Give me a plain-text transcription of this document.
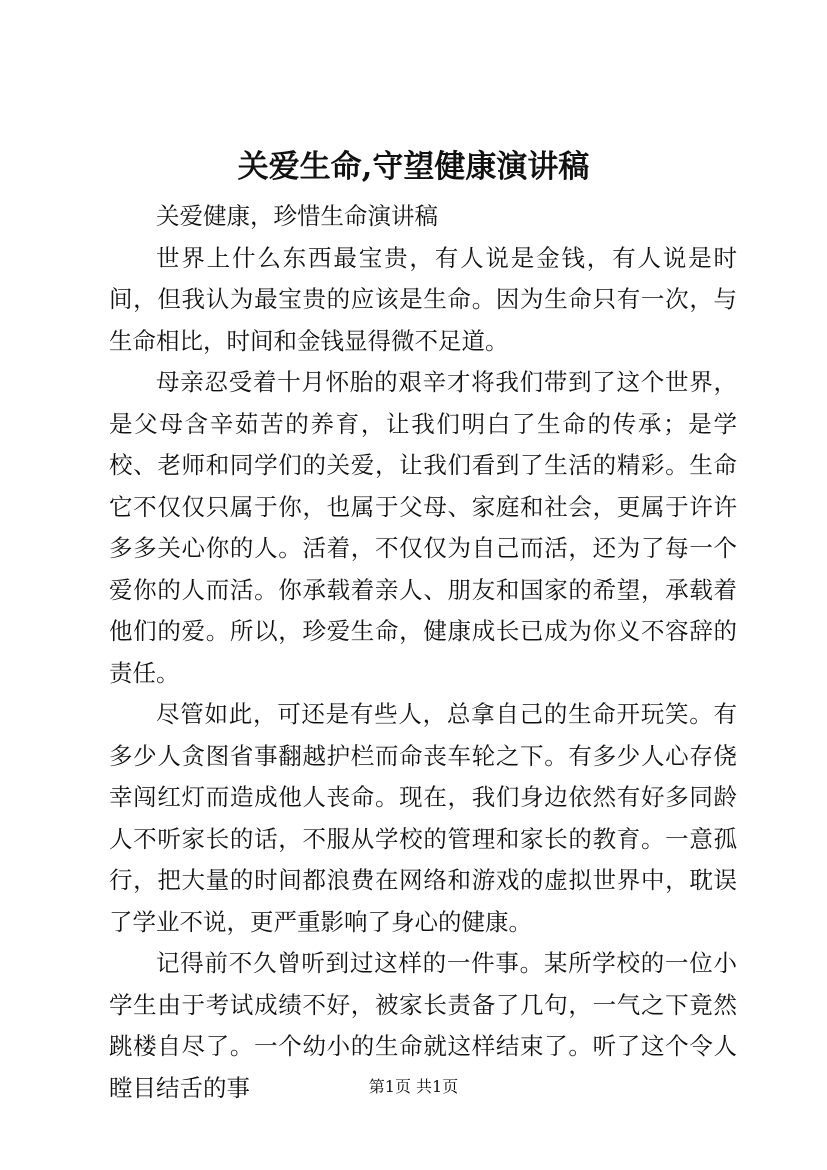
关爱生命,守望健康演讲稿

关爱健康，珍惜生命演讲稿

世界上什么东西最宝贵，有人说是金钱，有人说是时间，但我认为最宝贵的应该是生命。因为生命只有一次，与生命相比，时间和金钱显得微不足道。

母亲忍受着十月怀胎的艰辛才将我们带到了这个世界，是父母含辛茹苦的养育，让我们明白了生命的传承；是学校、老师和同学们的关爱，让我们看到了生活的精彩。生命它不仅仅只属于你，也属于父母、家庭和社会，更属于许许多多关心你的人。活着，不仅仅为自己而活，还为了每一个爱你的人而活。你承载着亲人、朋友和国家的希望，承载着他们的爱。所以，珍爱生命，健康成长已成为你义不容辞的责任。

尽管如此，可还是有些人，总拿自己的生命开玩笑。有多少人贪图省事翻越护栏而命丧车轮之下。有多少人心存侥幸闯红灯而造成他人丧命。现在，我们身边依然有好多同龄人不听家长的话，不服从学校的管理和家长的教育。一意孤行，把大量的时间都浪费在网络和游戏的虚拟世界中，耽误了学业不说，更严重影响了身心的健康。

记得前不久曾听到过这样的一件事。某所学校的一位小学生由于考试成绩不好，被家长责备了几句，一气之下竟然跳楼自尽了。一个幼小的生命就这样结束了。听了这个令人瞠目结舌的事	第1页 共1页
